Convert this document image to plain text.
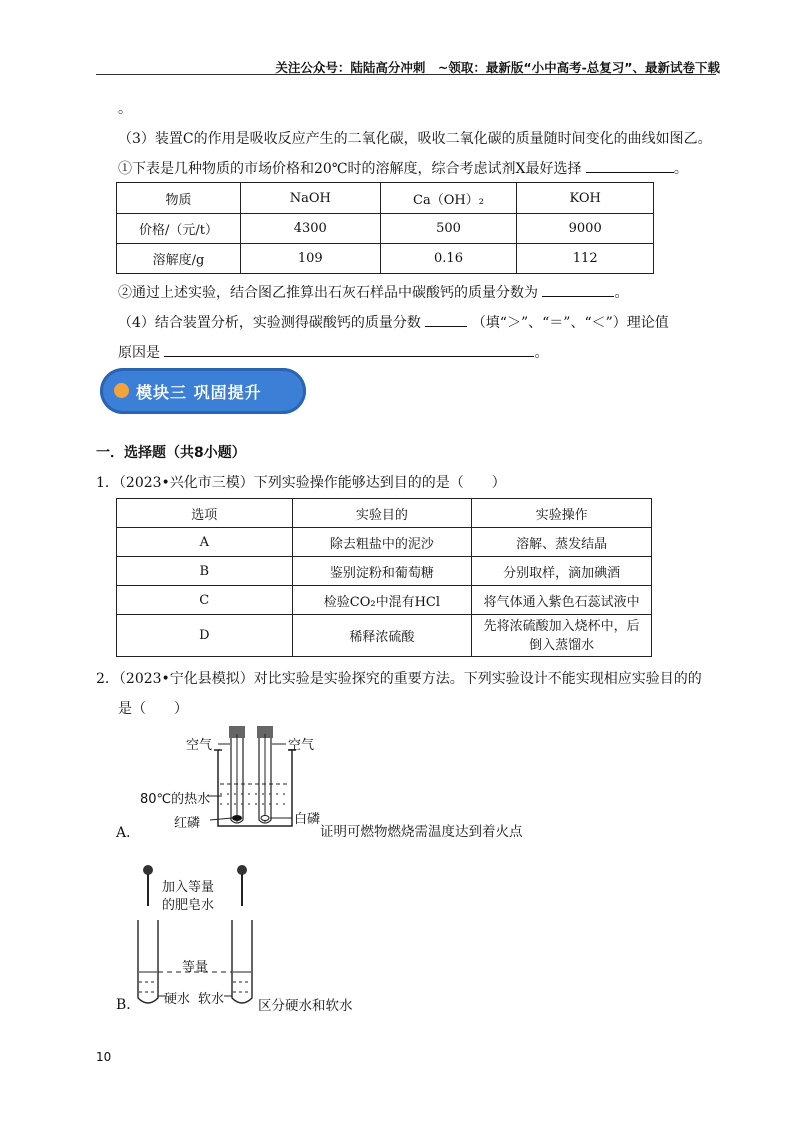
关注公众号：陆陆高分冲刺　~领取：最新版“小中高考-总复习”、最新试卷下载
。
（3）装置C的作用是吸收反应产生的二氧化碳，吸收二氧化碳的质量随时间变化的曲线如图乙。
①下表是几种物质的市场价格和20℃时的溶解度，综合考虑试剂X最好选择	。
物质	NaOH	Ca（OH）₂	KOH
价格/（元/t）	4300	500	9000
溶解度/g	109	0.16	112
②通过上述实验，结合图乙推算出石灰石样品中碳酸钙的质量分数为	。
（4）结合装置分析，实验测得碳酸钙的质量分数	（填“＞”、“＝”、“＜”）理论值
原因是	。
模块三 巩固提升
一．选择题（共8小题）
1．（2023•兴化市三模）下列实验操作能够达到目的的是（　　）
选项	实验目的	实验操作
A	除去粗盐中的泥沙	溶解、蒸发结晶
B	鉴别淀粉和葡萄糖	分别取样，滴加碘酒
C	检验CO₂中混有HCl	将气体通入紫色石蕊试液中
D	稀释浓硫酸	先将浓硫酸加入烧杯中，后倒入蒸馏水
2．（2023•宁化县模拟）对比实验是实验探究的重要方法。下列实验设计不能实现相应实验目的的
是（　　）
A．
空气	空气
80℃的热水
红磷	白磷
证明可燃物燃烧需温度达到着火点
B．
加入等量
的肥皂水
等量
硬水 软水	区分硬水和软水
10
